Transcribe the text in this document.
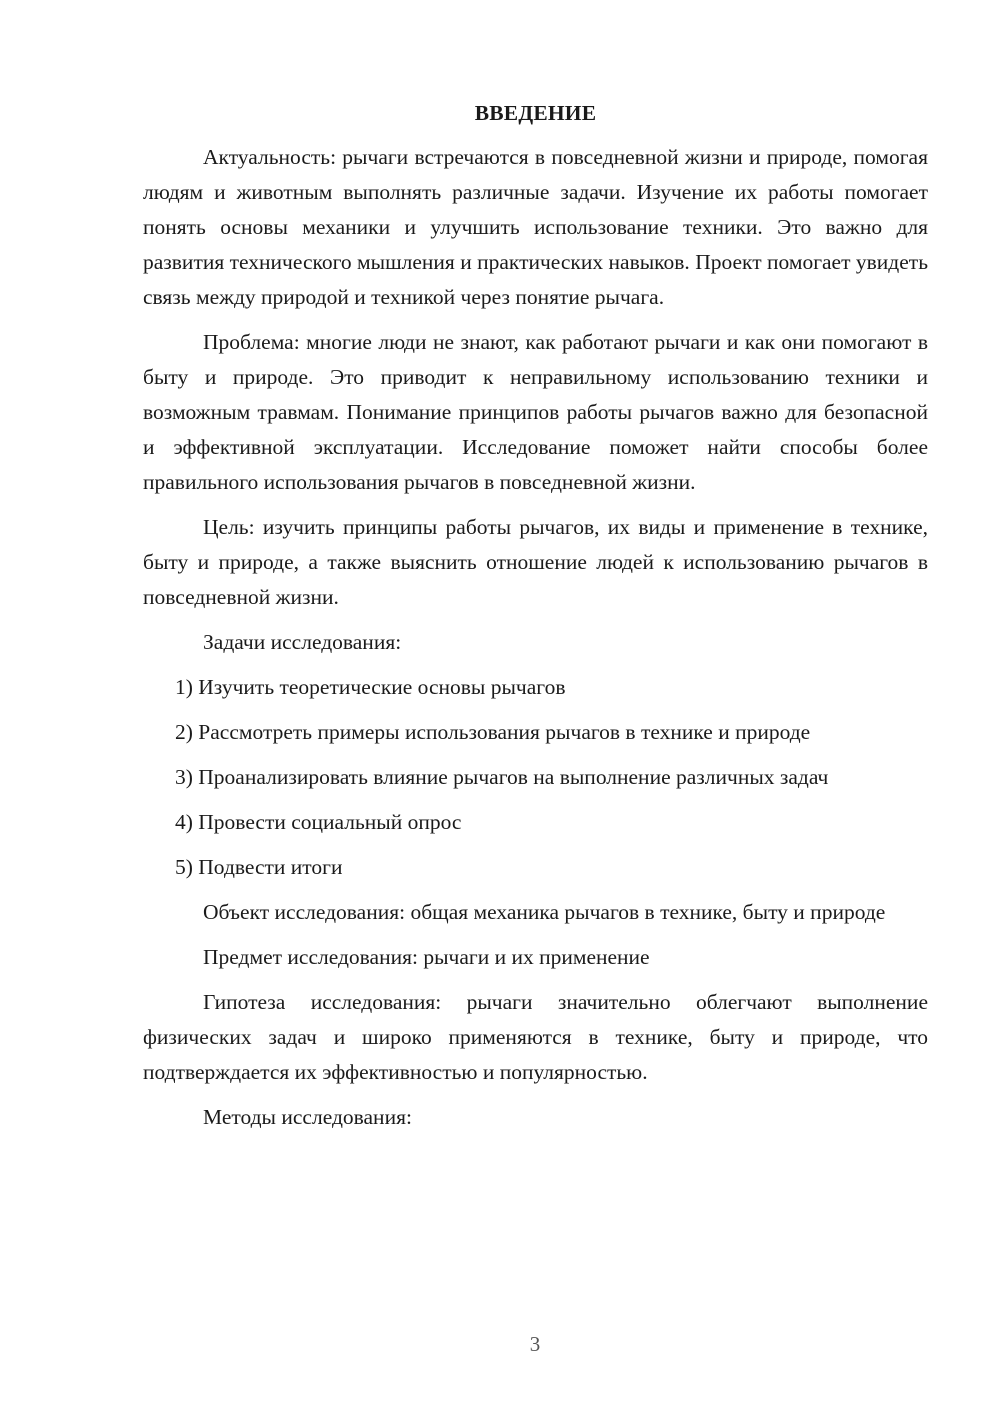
ВВЕДЕНИЕ

Актуальность: рычаги встречаются в повседневной жизни и природе, помогая людям и животным выполнять различные задачи. Изучение их работы помогает понять основы механики и улучшить использование техники. Это важно для развития технического мышления и практических навыков. Проект помогает увидеть связь между природой и техникой через понятие рычага.

Проблема: многие люди не знают, как работают рычаги и как они помогают в быту и природе. Это приводит к неправильному использованию техники и возможным травмам. Понимание принципов работы рычагов важно для безопасной и эффективной эксплуатации. Исследование поможет найти способы более правильного использования рычагов в повседневной жизни.

Цель: изучить принципы работы рычагов, их виды и применение в технике, быту и природе, а также выяснить отношение людей к использованию рычагов в повседневной жизни.

Задачи исследования:

1) Изучить теоретические основы рычагов

2) Рассмотреть примеры использования рычагов в технике и природе

3) Проанализировать влияние рычагов на выполнение различных задач

4) Провести социальный опрос

5) Подвести итоги

Объект исследования: общая механика рычагов в технике, быту и природе

Предмет исследования: рычаги и их применение

Гипотеза исследования: рычаги значительно облегчают выполнение физических задач и широко применяются в технике, быту и природе, что подтверждается их эффективностью и популярностью.

Методы исследования:

3
